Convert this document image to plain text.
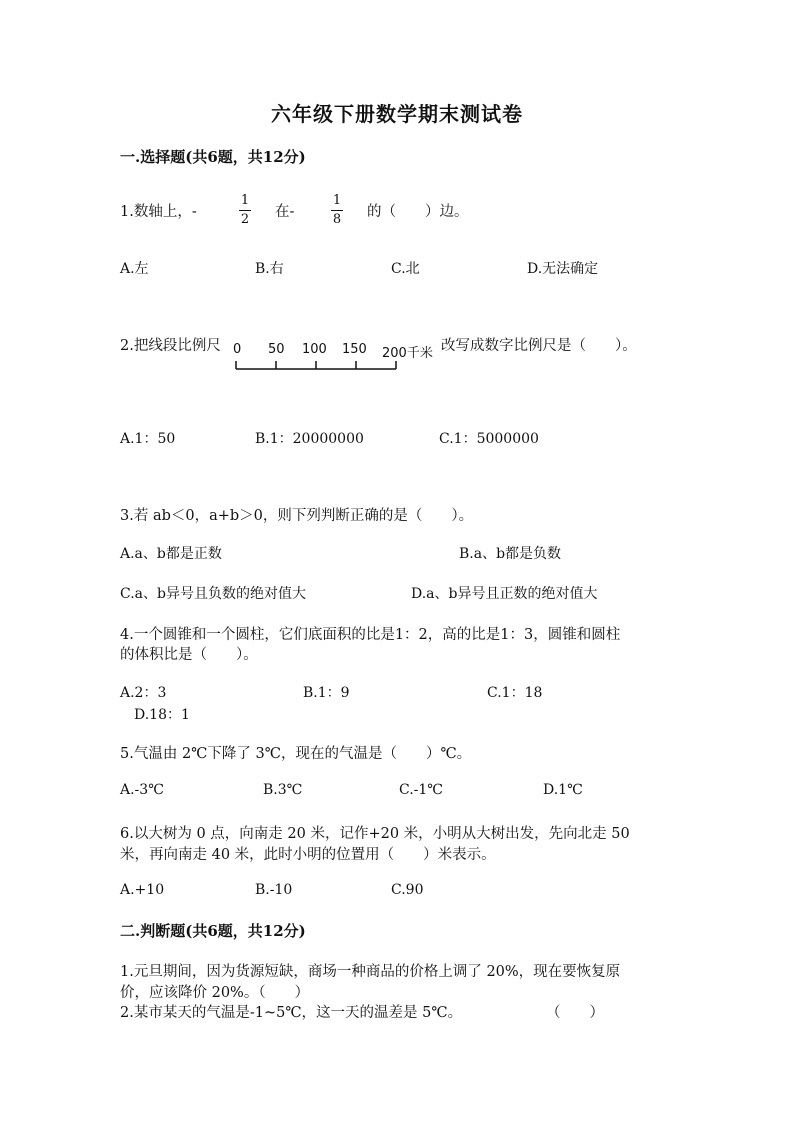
六年级下册数学期末测试卷
一.选择题(共6题，共12分)
1.数轴上，-
1
2 在-
1
8 的（　　）边。
A.左	B.右	C.北	D.无法确定
2.把线段比例尺 0 50 100 150 200千米 改写成数字比例尺是（　　）。
A.1：50	B.1：20000000	C.1：5000000
3.若 ab＜0，a+b＞0，则下列判断正确的是（　　）。
A.a、b都是正数	B.a、b都是负数
C.a、b异号且负数的绝对值大	D.a、b异号且正数的绝对值大
4.一个圆锥和一个圆柱，它们底面积的比是1：2，高的比是1：3，圆锥和圆柱
的体积比是（　　）。
A.2：3	B.1：9	C.1：18
D.18：1
5.气温由 2℃下降了 3℃，现在的气温是（　　）℃。
A.-3℃	B.3℃	C.-1℃	D.1℃
6.以大树为 0 点，向南走 20 米，记作+20 米，小明从大树出发，先向北走 50
米，再向南走 40 米，此时小明的位置用（　　）米表示。
A.+10	B.-10	C.90
二.判断题(共6题，共12分)
1.元旦期间，因为货源短缺，商场一种商品的价格上调了 20%，现在要恢复原
价，应该降价 20%。（　　）
2.某市某天的气温是-1~5℃，这一天的温差是 5℃。	（　　）
